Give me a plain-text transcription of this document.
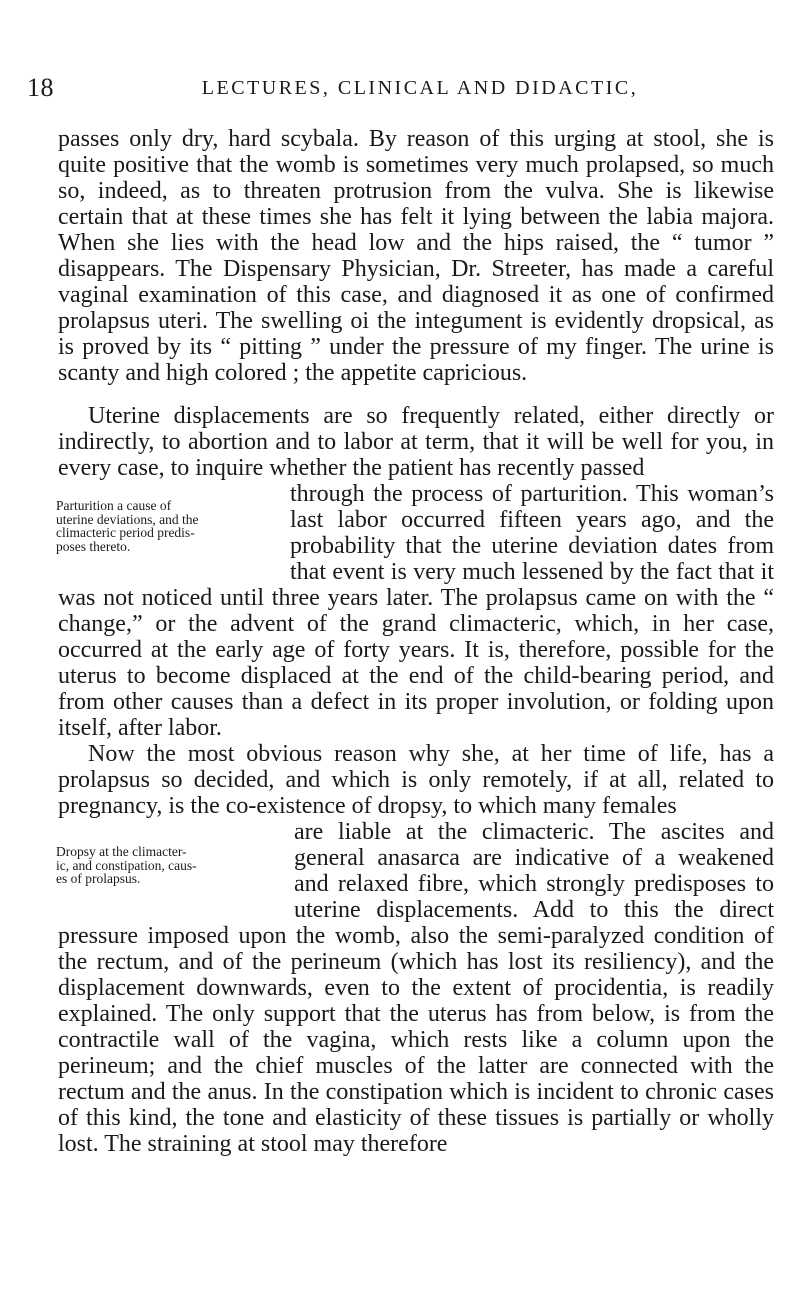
18	LECTURES, CLINICAL AND DIDACTIC,

passes only dry, hard scybala. By reason of this urging at stool, she is quite positive that the womb is sometimes very much prolapsed, so much so, indeed, as to threaten protrusion from the vulva. She is likewise certain that at these times she has felt it lying between the labia majora. When she lies with the head low and the hips raised, the “ tumor ” disappears. The Dispensary Physician, Dr. Streeter, has made a careful vaginal examination of this case, and diagnosed it as one of confirmed prolapsus uteri. The swelling oi the integument is evidently dropsical, as is proved by its “ pitting ” under the pressure of my finger. The urine is scanty and high colored ; the appetite capricious.

Uterine displacements are so frequently related, either directly or indirectly, to abortion and to labor at term, that it will be well for you, in every case, to inquire whether the patient has recently passed

Parturition a cause of
uterine deviations, and the
climacteric period predis-
poses thereto.

through the process of parturition. This woman’s last labor occurred fifteen years ago, and the probability that the uterine deviation dates from that event is very much lessened by the fact that it was not noticed until three years later. The prolapsus came on with the “ change,” or the advent of the grand climacteric, which, in her case, occurred at the early age of forty years. It is, therefore, possible for the uterus to become displaced at the end of the child-bearing period, and from other causes than a defect in its proper involution, or folding upon itself, after labor.

Now the most obvious reason why she, at her time of life, has a prolapsus so decided, and which is only remotely, if at all, related to pregnancy, is the co-existence of dropsy, to which many females

Dropsy at the climacter-
ic, and constipation, caus-
es of prolapsus.

are liable at the climacteric. The ascites and general anasarca are indicative of a weakened and relaxed fibre, which strongly predisposes to uterine displacements. Add to this the direct pressure imposed upon the womb, also the semi-paralyzed condition of the rectum, and of the perineum (which has lost its resiliency), and the displacement downwards, even to the extent of procidentia, is readily explained. The only support that the uterus has from below, is from the contractile wall of the vagina, which rests like a column upon the perineum; and the chief muscles of the latter are connected with the rectum and the anus. In the constipation which is incident to chronic cases of this kind, the tone and elasticity of these tissues is partially or wholly lost. The straining at stool may therefore
